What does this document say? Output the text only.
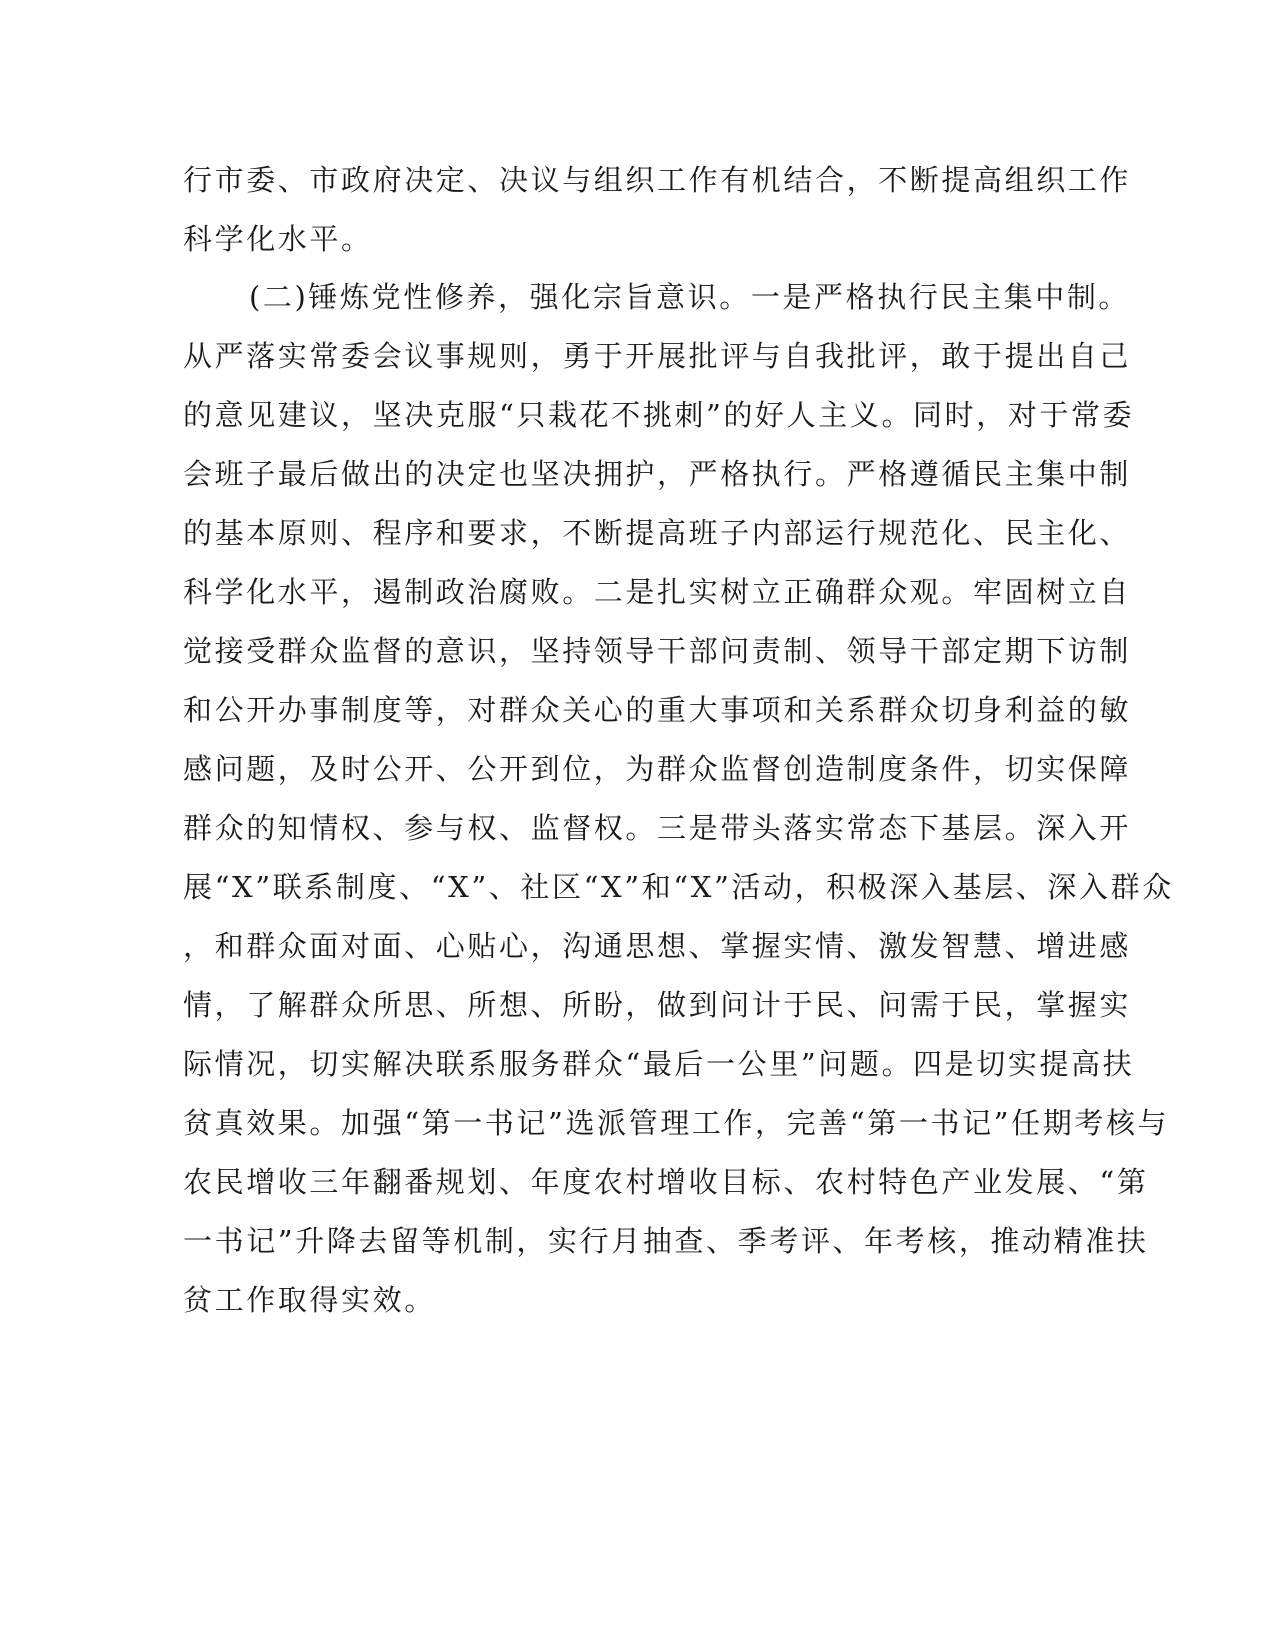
行市委、市政府决定、决议与组织工作有机结合，不断提高组织工作
科学化水平。
(二)锤炼党性修养，强化宗旨意识。一是严格执行民主集中制。
从严落实常委会议事规则，勇于开展批评与自我批评，敢于提出自己
的意见建议，坚决克服“只栽花不挑刺”的好人主义。同时，对于常委
会班子最后做出的决定也坚决拥护，严格执行。严格遵循民主集中制
的基本原则、程序和要求，不断提高班子内部运行规范化、民主化、
科学化水平，遏制政治腐败。二是扎实树立正确群众观。牢固树立自
觉接受群众监督的意识，坚持领导干部问责制、领导干部定期下访制
和公开办事制度等，对群众关心的重大事项和关系群众切身利益的敏
感问题，及时公开、公开到位，为群众监督创造制度条件，切实保障
群众的知情权、参与权、监督权。三是带头落实常态下基层。深入开
展“X”联系制度、“X”、社区“X”和“X”活动，积极深入基层、深入群众
，和群众面对面、心贴心，沟通思想、掌握实情、激发智慧、增进感
情，了解群众所思、所想、所盼，做到问计于民、问需于民，掌握实
际情况，切实解决联系服务群众“最后一公里”问题。四是切实提高扶
贫真效果。加强“第一书记”选派管理工作，完善“第一书记”任期考核与
农民增收三年翻番规划、年度农村增收目标、农村特色产业发展、“第
一书记”升降去留等机制，实行月抽查、季考评、年考核，推动精准扶
贫工作取得实效。
